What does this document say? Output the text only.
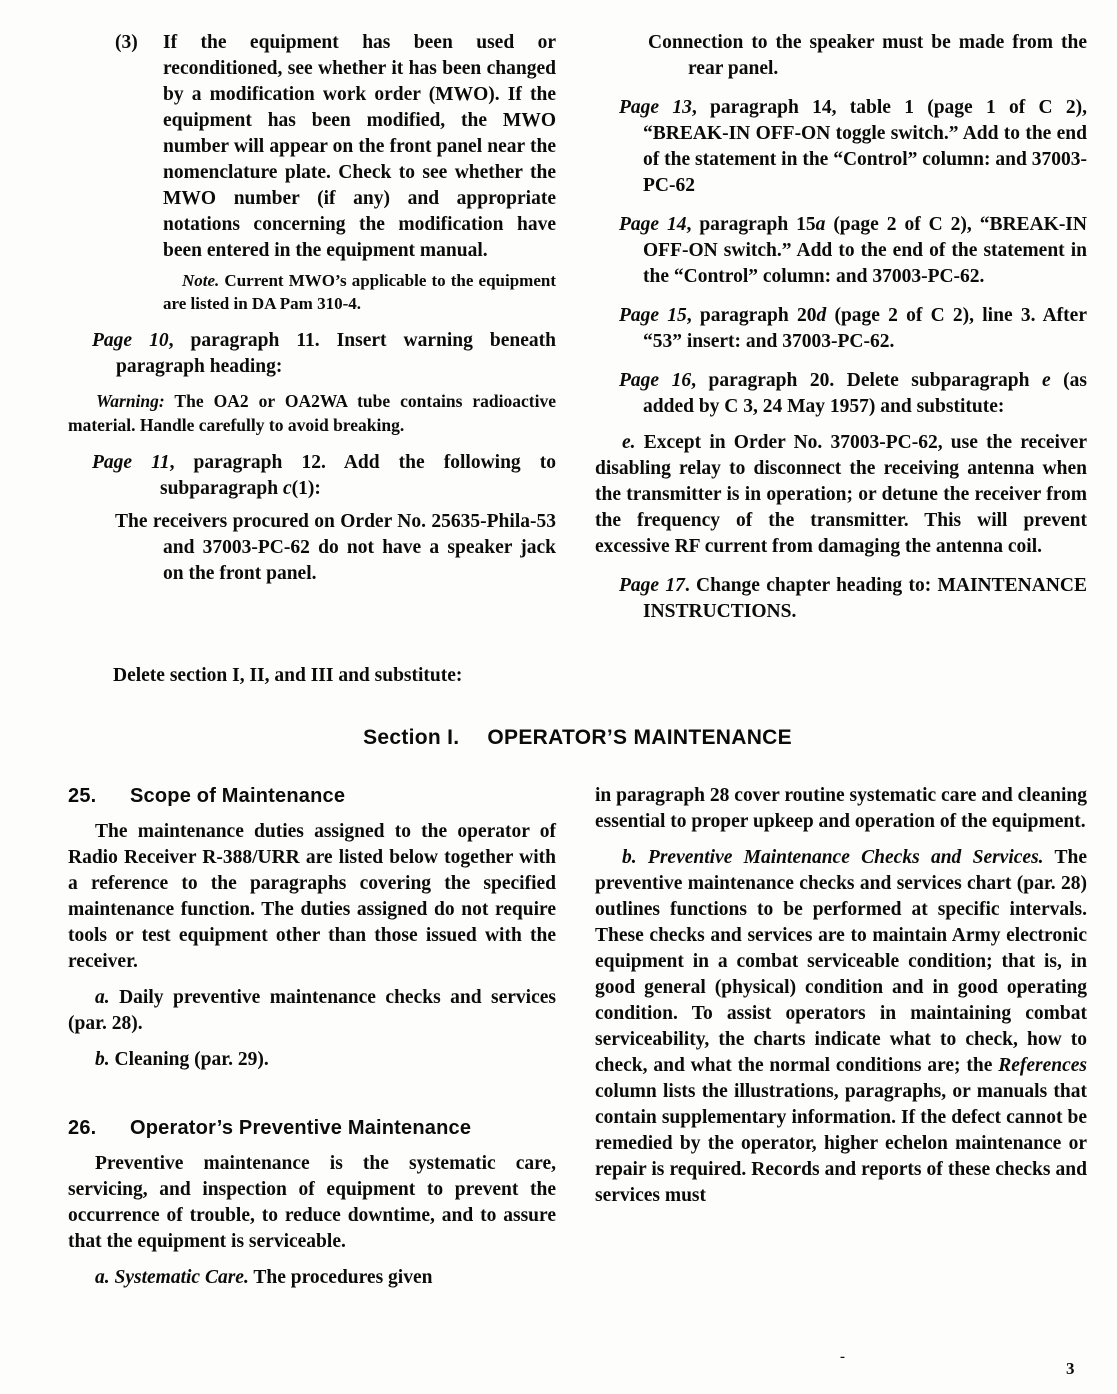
(3)	If the equipment has been used or reconditioned, see whether it has been changed by a modification work order (MWO). If the equipment has been modified, the MWO number will appear on the front panel near the nomenclature plate. Check to see whether the MWO number (if any) and appropriate notations concerning the modification have been entered in the equipment manual.

Note. Current MWO’s applicable to the equipment are listed in DA Pam 310-4.

Page 10, paragraph 11. Insert warning beneath paragraph heading:

Warning: The OA2 or OA2WA tube contains radioactive material. Handle carefully to avoid breaking.

Page 11, paragraph 12. Add the following to subparagraph c(1):

The receivers procured on Order No. 25635-Phila-53 and 37003-PC-62 do not have a speaker jack on the front panel.

Connection to the speaker must be made from the rear panel.

Page 13, paragraph 14, table 1 (page 1 of C 2), “BREAK-IN OFF-ON toggle switch.” Add to the end of the statement in the “Control” column: and 37003-PC-62

Page 14, paragraph 15a (page 2 of C 2), “BREAK-IN OFF-ON switch.” Add to the end of the statement in the “Control” column: and 37003-PC-62.

Page 15, paragraph 20d (page 2 of C 2), line 3. After “53” insert: and 37003-PC-62.

Page 16, paragraph 20. Delete subparagraph e (as added by C 3, 24 May 1957) and substitute:

e. Except in Order No. 37003-PC-62, use the receiver disabling relay to disconnect the receiving antenna when the transmitter is in operation; or detune the receiver from the frequency of the transmitter. This will prevent excessive RF current from damaging the antenna coil.

Page 17. Change chapter heading to: MAINTENANCE INSTRUCTIONS.

Delete section I, II, and III and substitute:

Section I. OPERATOR’S MAINTENANCE
25.	Scope of Maintenance

The maintenance duties assigned to the operator of Radio Receiver R-388/URR are listed below together with a reference to the paragraphs covering the specified maintenance function. The duties assigned do not require tools or test equipment other than those issued with the receiver.

a. Daily preventive maintenance checks and services (par. 28).

b. Cleaning (par. 29).

26.	Operator’s Preventive Maintenance

Preventive maintenance is the systematic care, servicing, and inspection of equipment to prevent the occurrence of trouble, to reduce downtime, and to assure that the equipment is serviceable.

a. Systematic Care. The procedures given

in paragraph 28 cover routine systematic care and cleaning essential to proper upkeep and operation of the equipment.

b. Preventive Maintenance Checks and Services. The preventive maintenance checks and services chart (par. 28) outlines functions to be performed at specific intervals. These checks and services are to maintain Army electronic equipment in a combat serviceable condition; that is, in good general (physical) condition and in good operating condition. To assist operators in maintaining combat serviceability, the charts indicate what to check, how to check, and what the normal conditions are; the References column lists the illustrations, paragraphs, or manuals that contain supplementary information. If the defect cannot be remedied by the operator, higher echelon maintenance or repair is required. Records and reports of these checks and services must

-
3
